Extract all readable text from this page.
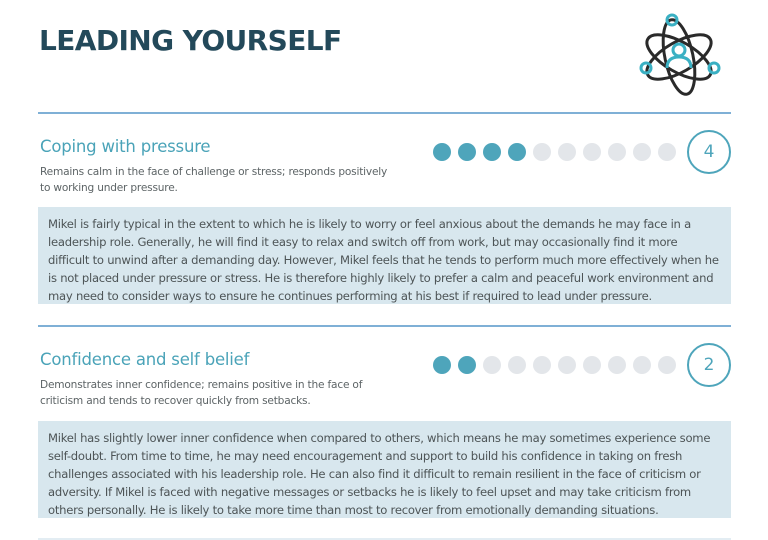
LEADING YOURSELF
Coping with pressure
Remains calm in the face of challenge or stress; responds positively to working under pressure.
4
Mikel is fairly typical in the extent to which he is likely to worry or feel anxious about the demands he may face in a leadership role. Generally, he will find it easy to relax and switch off from work, but may occasionally find it more difficult to unwind after a demanding day. However, Mikel feels that he tends to perform much more effectively when he is not placed under pressure or stress. He is therefore highly likely to prefer a calm and peaceful work environment and may need to consider ways to ensure he continues performing at his best if required to lead under pressure.
Confidence and self belief
Demonstrates inner confidence; remains positive in the face of criticism and tends to recover quickly from setbacks.
2
Mikel has slightly lower inner confidence when compared to others, which means he may sometimes experience some self-doubt. From time to time, he may need encouragement and support to build his confidence in taking on fresh challenges associated with his leadership role. He can also find it difficult to remain resilient in the face of criticism or adversity. If Mikel is faced with negative messages or setbacks he is likely to feel upset and may take criticism from others personally. He is likely to take more time than most to recover from emotionally demanding situations.
